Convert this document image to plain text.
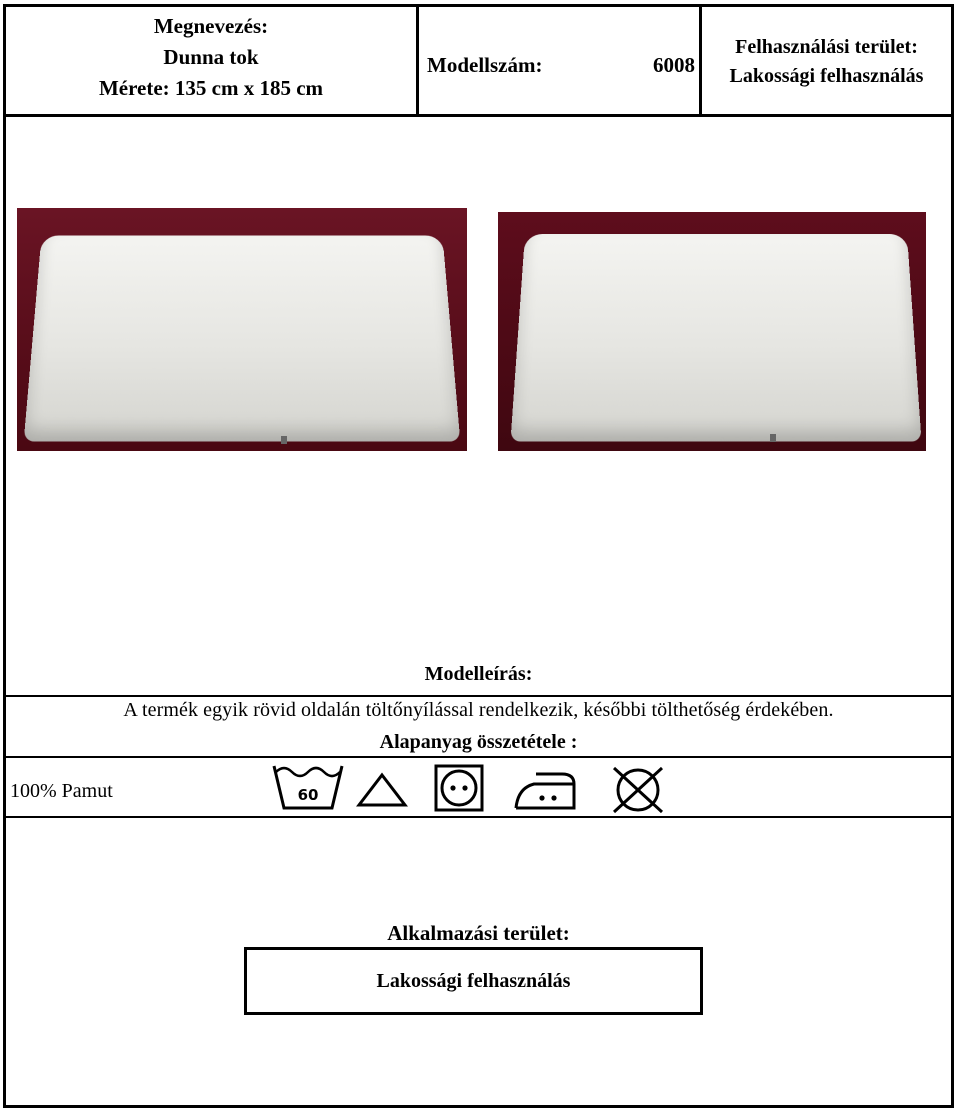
Megnevezés:
Dunna tok
Mérete: 135 cm x 185 cm
Modellszám:	6008
Felhasználási terület:
Lakossági felhasználás
Modelleírás:
A termék egyik rövid oldalán töltőnyílással rendelkezik, későbbi tölthetőség érdekében.
Alapanyag összetétele :
100% Pamut	60
Alkalmazási terület:
Lakossági felhasználás
